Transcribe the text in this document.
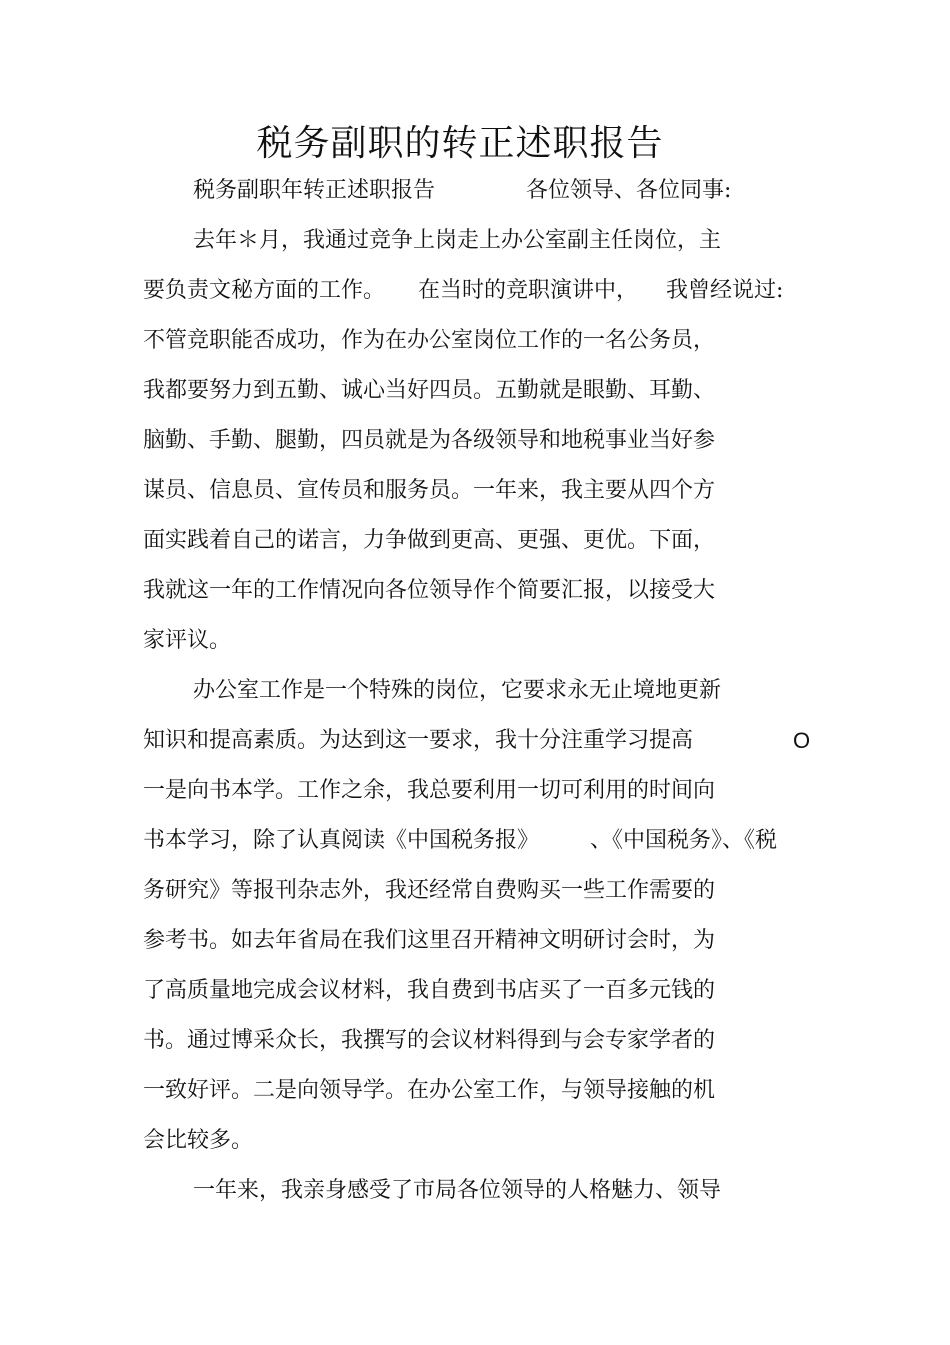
税务副职的转正述职报告
税务副职年转正述职报告	各位领导、各位同事:
去年＊月，我通过竞争上岗走上办公室副主任岗位，主
要负责文秘方面的工作。 在当时的竞职演讲中， 我曾经说过:
不管竞职能否成功，作为在办公室岗位工作的一名公务员，
我都要努力到五勤、诚心当好四员。五勤就是眼勤、耳勤、
脑勤、手勤、腿勤，四员就是为各级领导和地税事业当好参
谋员、信息员、宣传员和服务员。一年来，我主要从四个方
面实践着自己的诺言，力争做到更高、更强、更优。下面，
我就这一年的工作情况向各位领导作个简要汇报，以接受大
家评议。
办公室工作是一个特殊的岗位，它要求永无止境地更新
知识和提高素质。为达到这一要求，我十分注重学习提高	O
一是向书本学。工作之余，我总要利用一切可利用的时间向
书本学习，除了认真阅读《中国税务报》 、《中国税务》、《税
务研究》等报刊杂志外，我还经常自费购买一些工作需要的
参考书。如去年省局在我们这里召开精神文明研讨会时，为
了高质量地完成会议材料，我自费到书店买了一百多元钱的
书。通过博采众长，我撰写的会议材料得到与会专家学者的
一致好评。二是向领导学。在办公室工作，与领导接触的机
会比较多。
一年来，我亲身感受了市局各位领导的人格魅力、领导
